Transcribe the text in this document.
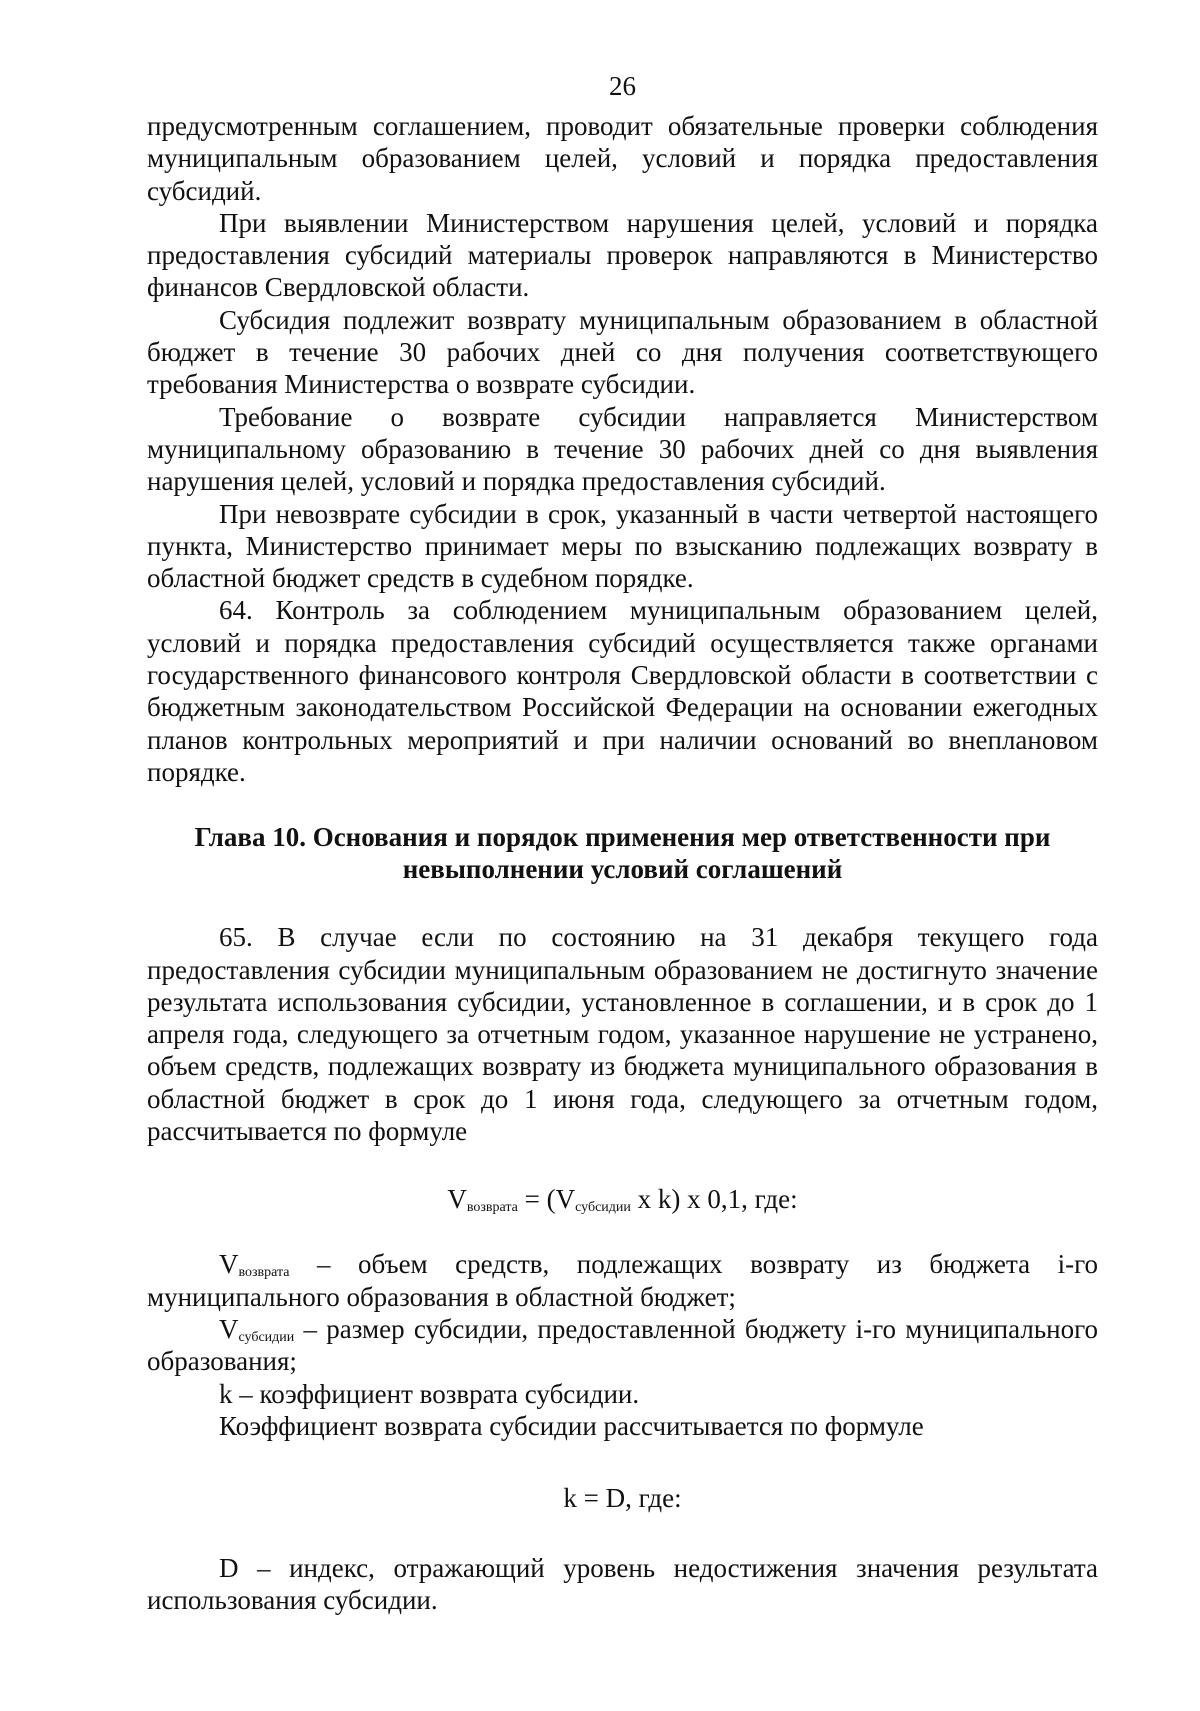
26

предусмотренным соглашением, проводит обязательные проверки соблюдения муниципальным образованием целей, условий и порядка предоставления субсидий.

При выявлении Министерством нарушения целей, условий и порядка предоставления субсидий материалы проверок направляются в Министерство финансов Свердловской области.

Субсидия подлежит возврату муниципальным образованием в областной бюджет в течение 30 рабочих дней со дня получения соответствующего требования Министерства о возврате субсидии.

Требование о возврате субсидии направляется Министерством муниципальному образованию в течение 30 рабочих дней со дня выявления нарушения целей, условий и порядка предоставления субсидий.

При невозврате субсидии в срок, указанный в части четвертой настоящего пункта, Министерство принимает меры по взысканию подлежащих возврату в областной бюджет средств в судебном порядке.

64. Контроль за соблюдением муниципальным образованием целей, условий и порядка предоставления субсидий осуществляется также органами государственного финансового контроля Свердловской области в соответствии с бюджетным законодательством Российской Федерации на основании ежегодных планов контрольных мероприятий и при наличии оснований во внеплановом порядке.

Глава 10. Основания и порядок применения мер ответственности при
невыполнении условий соглашений

65. В случае если по состоянию на 31 декабря текущего года предоставления субсидии муниципальным образованием не достигнуто значение результата использования субсидии, установленное в соглашении, и в срок до 1 апреля года, следующего за отчетным годом, указанное нарушение не устранено, объем средств, подлежащих возврату из бюджета муниципального образования в областной бюджет в срок до 1 июня года, следующего за отчетным годом, рассчитывается по формуле

$V_{возврата} = (V_{субсидии}$ x k) x 0,1, где:

$V_{возврата}$ – объем средств, подлежащих возврату из бюджета i-го муниципального образования в областной бюджет;

$V_{субсидии}$ – размер субсидии, предоставленной бюджету i-го муниципального образования;

k – коэффициент возврата субсидии.

Коэффициент возврата субсидии рассчитывается по формуле

k = D, где:

D – индекс, отражающий уровень недостижения значения результата использования субсидии.
